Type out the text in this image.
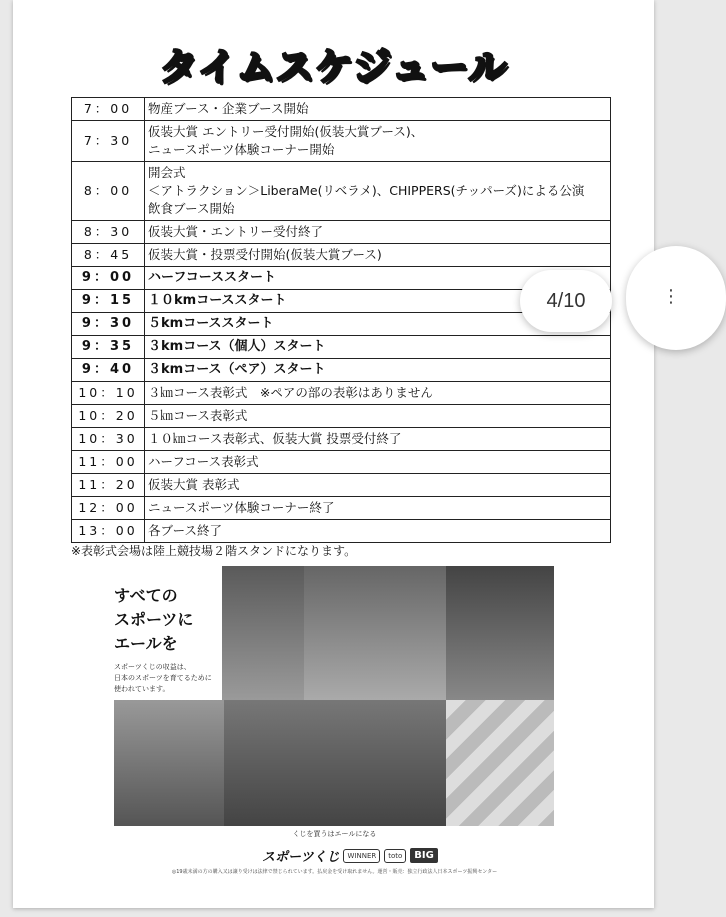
タイムスケジュール
7：00	物産ブース・企業ブース開始

7：30	仮装大賞 エントリー受付開始(仮装大賞ブース)、
ニュースポーツ体験コーナー開始

8：00	開会式
＜アトラクション＞LiberaMe(リベラメ)、CHIPPERS(チッパーズ)による公演
飲食ブース開始

8：30	仮装大賞・エントリー受付終了

8：45	仮装大賞・投票受付開始(仮装大賞ブース)

9：00	ハーフコーススタート

9：15	１０kmコーススタート

9：30	５kmコーススタート

9：35	３kmコース（個人）スタート

9：40	３kmコース（ペア）スタート

10：10	３㎞コース表彰式　※ペアの部の表彰はありません

10：20	５㎞コース表彰式

10：30	１０㎞コース表彰式、仮装大賞 投票受付終了

11：00	ハーフコース表彰式

11：20	仮装大賞 表彰式

12：00	ニュースポーツ体験コーナー終了

13：00	各ブース終了
※表彰式会場は陸上競技場２階スタンドになります。
すべての
スポーツに
エールを
スポーツくじの収益は、
日本のスポーツを育てるために
使われています。
くじを買うはエールになる
スポーツくじ	WINNER	toto	BIG
◎19歳未満の方の購入又は譲り受けは法律で禁じられています。払戻金を受け取れません。運営・販売：独立行政法人日本スポーツ振興センター
4/10	⋮
